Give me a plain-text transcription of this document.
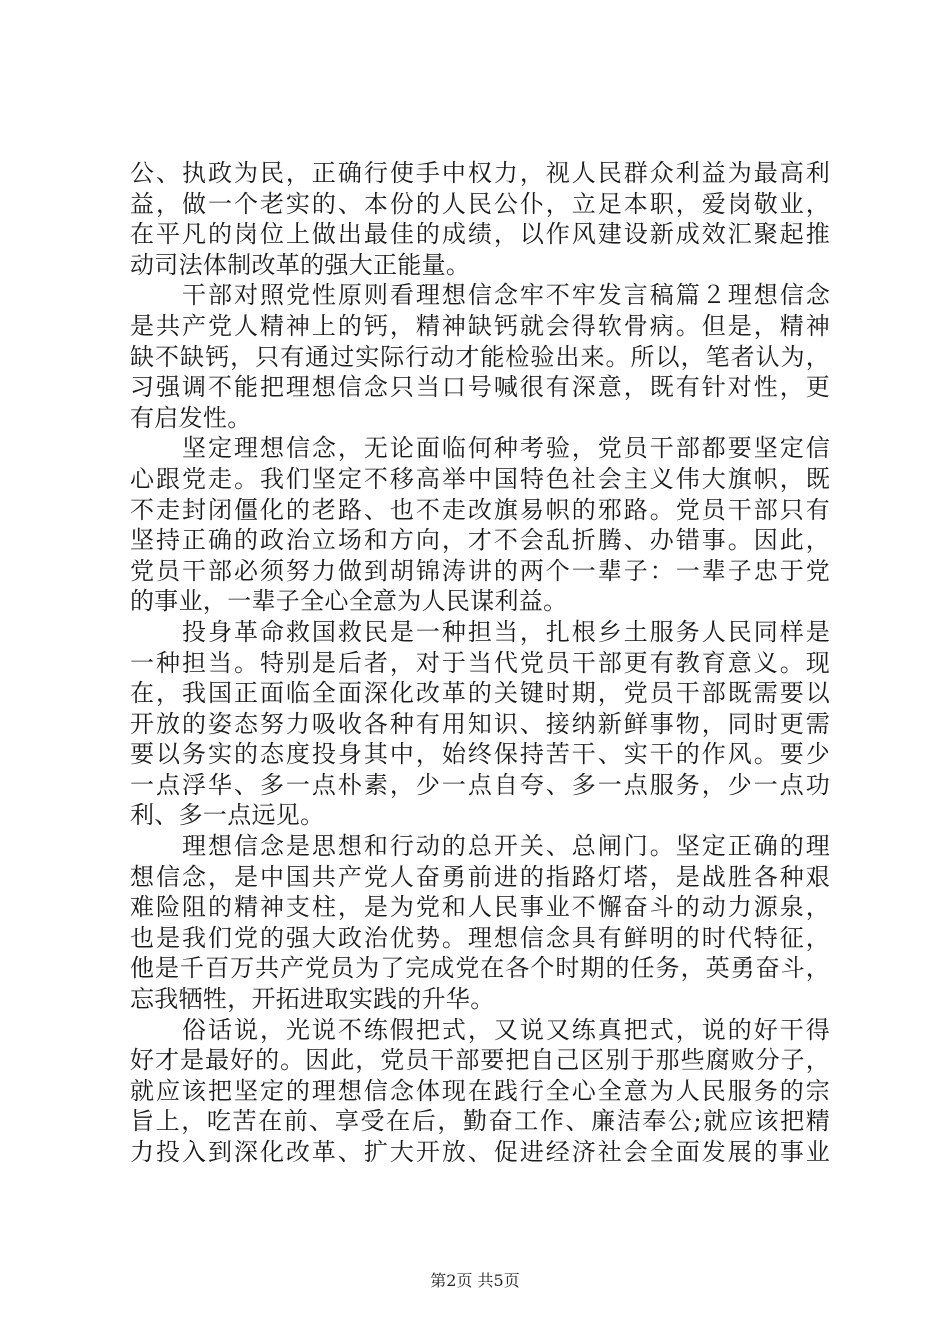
公、执政为民，正确行使手中权力，视人民群众利益为最高利
益，做一个老实的、本份的人民公仆，立足本职，爱岗敬业，
在平凡的岗位上做出最佳的成绩，以作风建设新成效汇聚起推
动司法体制改革的强大正能量。
干部对照党性原则看理想信念牢不牢发言稿篇２理想信念
是共产党人精神上的钙，精神缺钙就会得软骨病。但是，精神
缺不缺钙，只有通过实际行动才能检验出来。所以，笔者认为，
习强调不能把理想信念只当口号喊很有深意，既有针对性，更
有启发性。
坚定理想信念，无论面临何种考验，党员干部都要坚定信
心跟党走。我们坚定不移高举中国特色社会主义伟大旗帜，既
不走封闭僵化的老路、也不走改旗易帜的邪路。党员干部只有
坚持正确的政治立场和方向，才不会乱折腾、办错事。因此，
党员干部必须努力做到胡锦涛讲的两个一辈子：一辈子忠于党
的事业，一辈子全心全意为人民谋利益。
投身革命救国救民是一种担当，扎根乡土服务人民同样是
一种担当。特别是后者，对于当代党员干部更有教育意义。现
在，我国正面临全面深化改革的关键时期，党员干部既需要以
开放的姿态努力吸收各种有用知识、接纳新鲜事物，同时更需
要以务实的态度投身其中，始终保持苦干、实干的作风。要少
一点浮华、多一点朴素，少一点自夸、多一点服务，少一点功
利、多一点远见。
理想信念是思想和行动的总开关、总闸门。坚定正确的理
想信念，是中国共产党人奋勇前进的指路灯塔，是战胜各种艰
难险阻的精神支柱，是为党和人民事业不懈奋斗的动力源泉，
也是我们党的强大政治优势。理想信念具有鲜明的时代特征，
他是千百万共产党员为了完成党在各个时期的任务，英勇奋斗，
忘我牺牲，开拓进取实践的升华。
俗话说，光说不练假把式，又说又练真把式，说的好干得
好才是最好的。因此，党员干部要把自己区别于那些腐败分子，
就应该把坚定的理想信念体现在践行全心全意为人民服务的宗
旨上，吃苦在前、享受在后，勤奋工作、廉洁奉公;就应该把精
力投入到深化改革、扩大开放、促进经济社会全面发展的事业
第2页 共5页
